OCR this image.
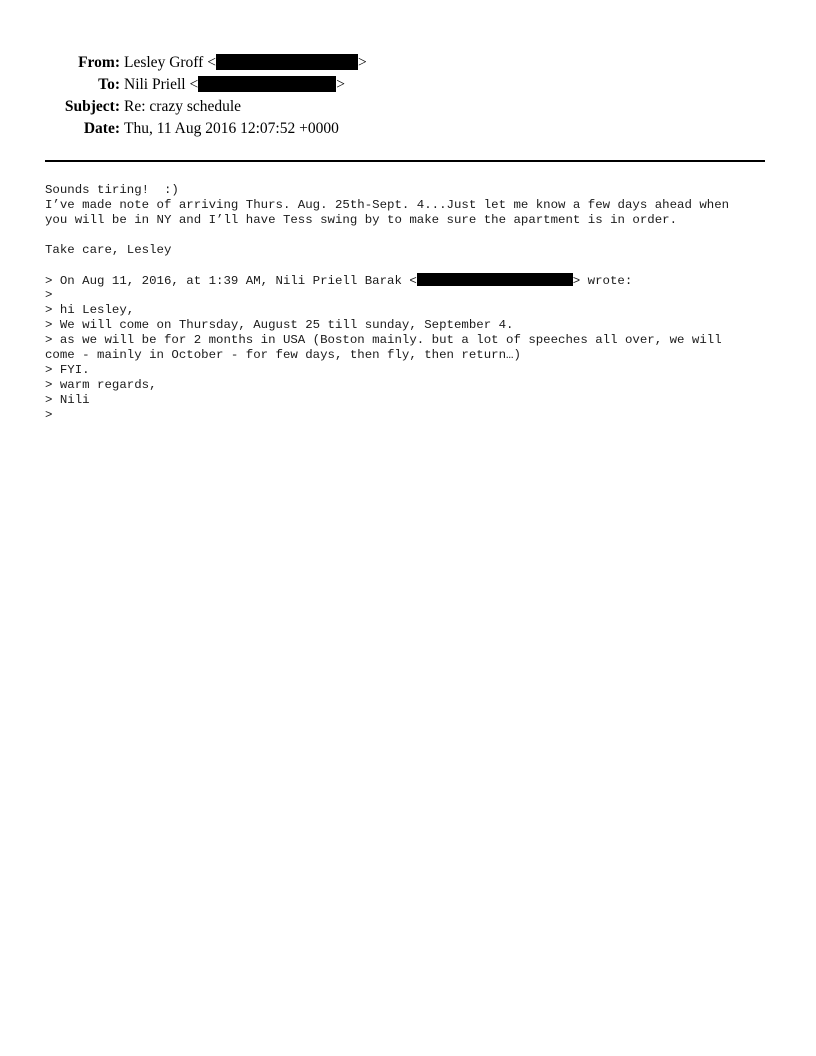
From: Lesley Groff <	>
To: Nili Priell <	>
Subject: Re: crazy schedule
Date: Thu, 11 Aug 2016 12:07:52 +0000
Sounds tiring!  :)
I’ve made note of arriving Thurs. Aug. 25th-Sept. 4...Just let me know a few days ahead when
you will be in NY and I’ll have Tess swing by to make sure the apartment is in order.
Take care, Lesley
> On Aug 11, 2016, at 1:39 AM, Nili Priell Barak <	> wrote:
>
> hi Lesley,
> We will come on Thursday, August 25 till sunday, September 4.
> as we will be for 2 months in USA (Boston mainly. but a lot of speeches all over, we will
come - mainly in October - for few days, then fly, then return…)
> FYI.
> warm regards,
> Nili
>
